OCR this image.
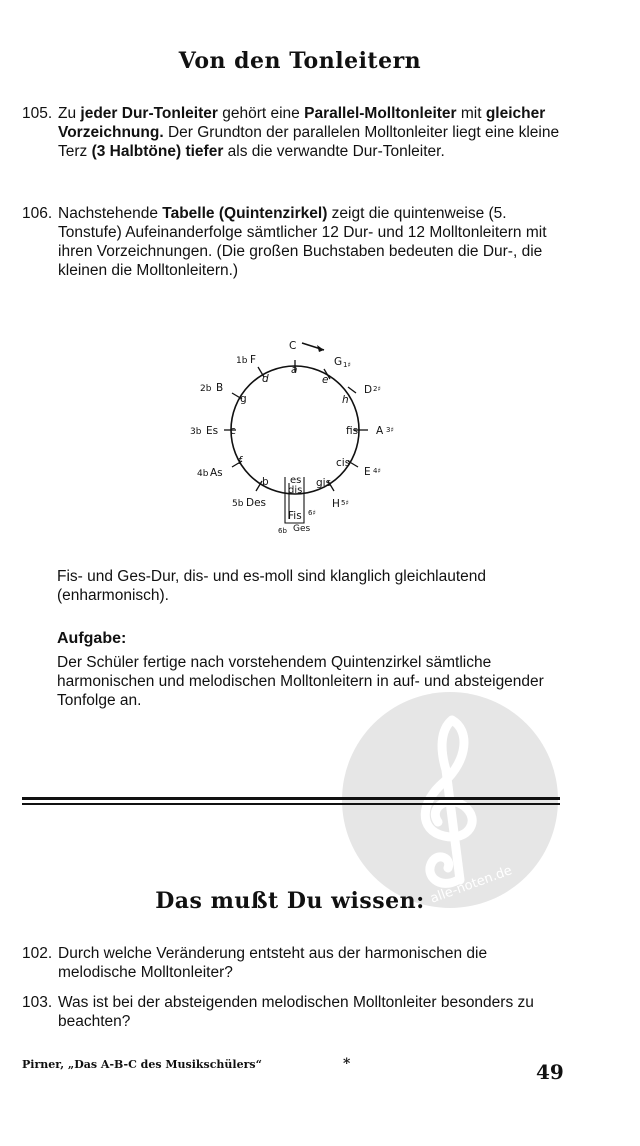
alle-noten.de
Von den Tonleitern
105. Zu jeder Dur-Tonleiter gehört eine Parallel-Molltonleiter mit gleicher Vorzeichnung. Der Grundton der parallelen Molltonleiter liegt eine kleine Terz (3 Halbtöne) tiefer als die verwandte Dur-Tonleiter.
106. Nachstehende Tabelle (Quintenzirkel) zeigt die quintenweise (5. Tonstufe) Aufeinanderfolge sämtlicher 12 Dur- und 12 Molltonleitern mit ihren Vorzeichnungen. (Die großen Buchstaben bedeuten die Dur-, die kleinen die Molltonleitern.)
C
G 1♯
D 2♯
A 3♯
E 4♯
H 5♯
Fis 6♯
Ges
6b
Des
5b
As
4b
Es
3b
B
2b
F
1b
a
e
h
fis
cis
gis
dis
es
b
f
c
g
d
Fis- und Ges-Dur, dis- und es-moll sind klanglich gleichlautend (enharmonisch).
Aufgabe:
Der Schüler fertige nach vorstehendem Quintenzirkel sämtliche harmonischen und melodischen Molltonleitern in auf- und absteigender Tonfolge an.
Das mußt Du wissen:
102. Durch welche Veränderung entsteht aus der harmonischen die melodische Molltonleiter?
103. Was ist bei der absteigenden melodischen Molltonleiter besonders zu beachten?
Pirner, „Das A-B-C des Musikschülers“	*	49
